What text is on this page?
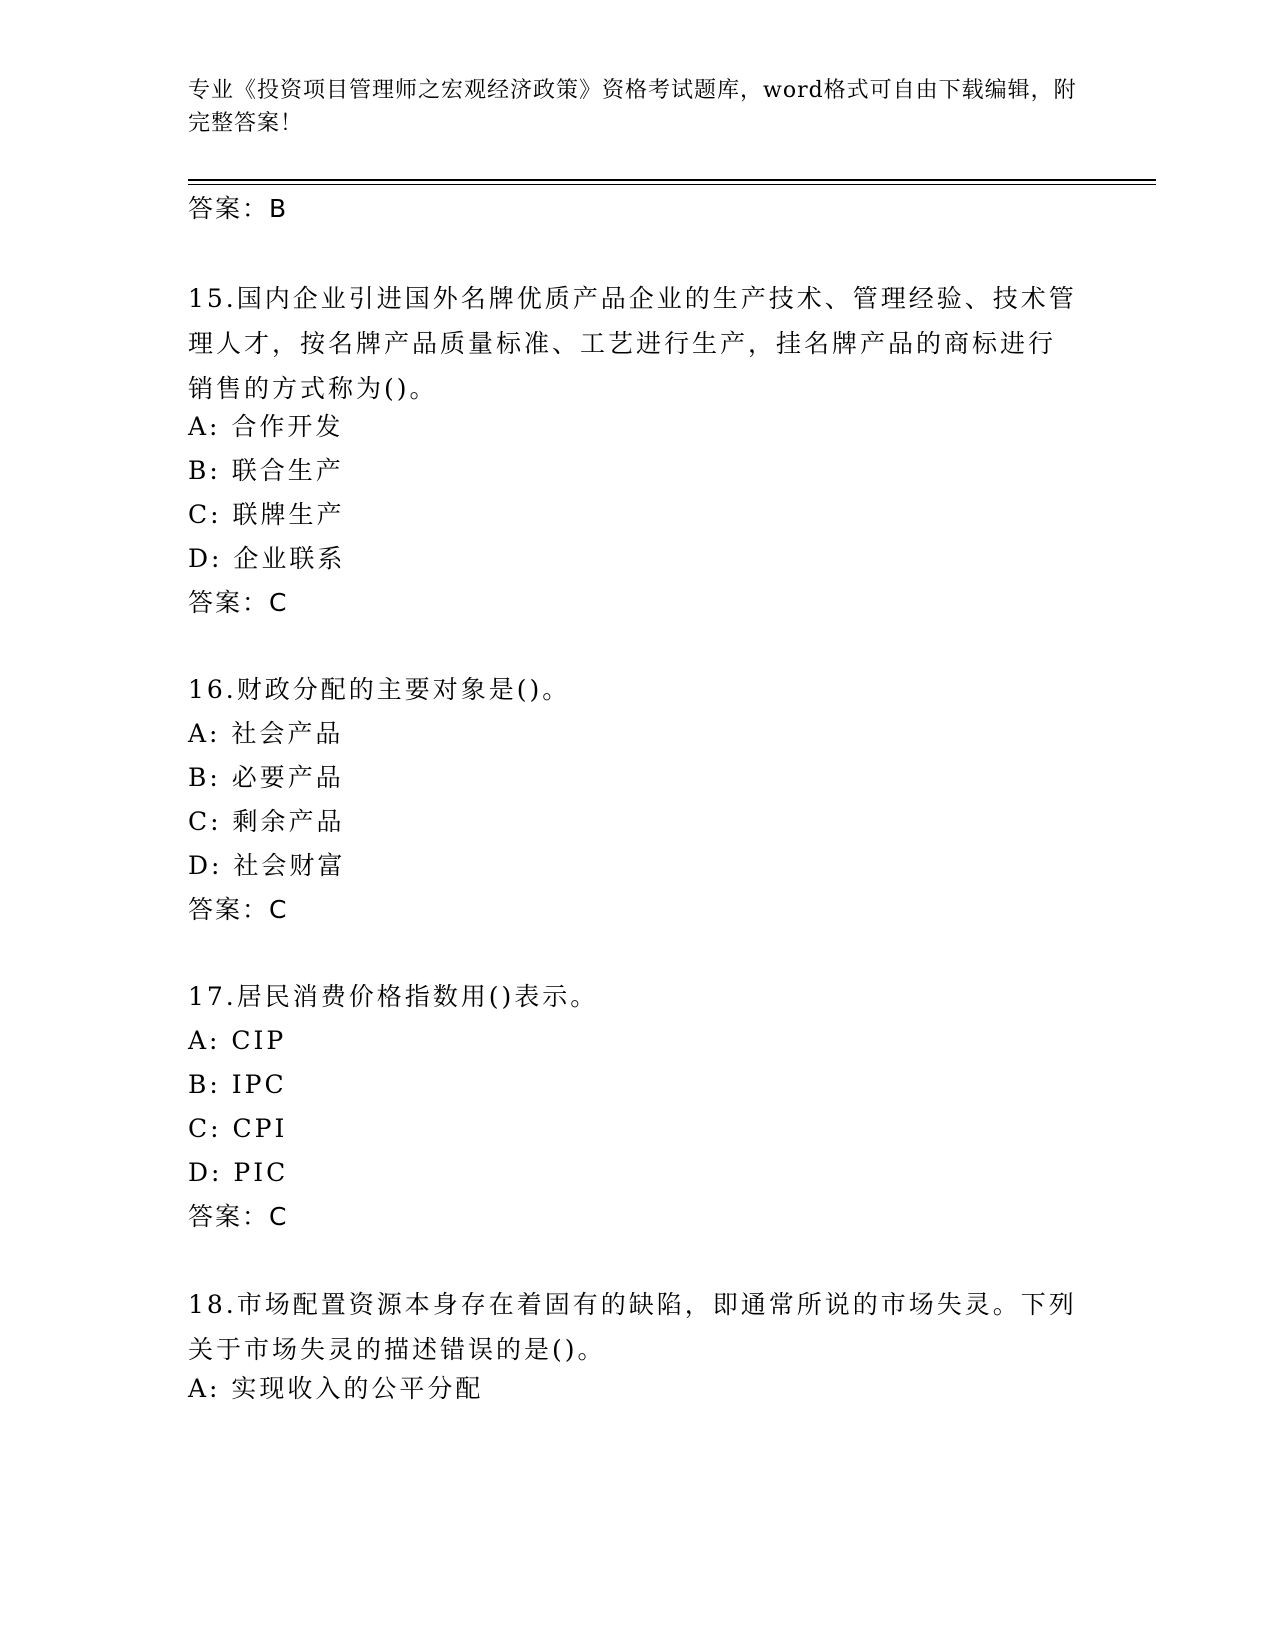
专业《投资项目管理师之宏观经济政策》资格考试题库，word格式可自由下载编辑，附完整答案！
答案：B
15.国内企业引进国外名牌优质产品企业的生产技术、管理经验、技术管理人才，按名牌产品质量标准、工艺进行生产，挂名牌产品的商标进行销售的方式称为()。
A: 合作开发
B: 联合生产
C: 联牌生产
D: 企业联系
答案：C
16.财政分配的主要对象是()。
A: 社会产品
B: 必要产品
C: 剩余产品
D: 社会财富
答案：C
17.居民消费价格指数用()表示。
A: CIP
B: IPC
C: CPI
D: PIC
答案：C
18.市场配置资源本身存在着固有的缺陷，即通常所说的市场失灵。下列关于市场失灵的描述错误的是()。
A: 实现收入的公平分配
